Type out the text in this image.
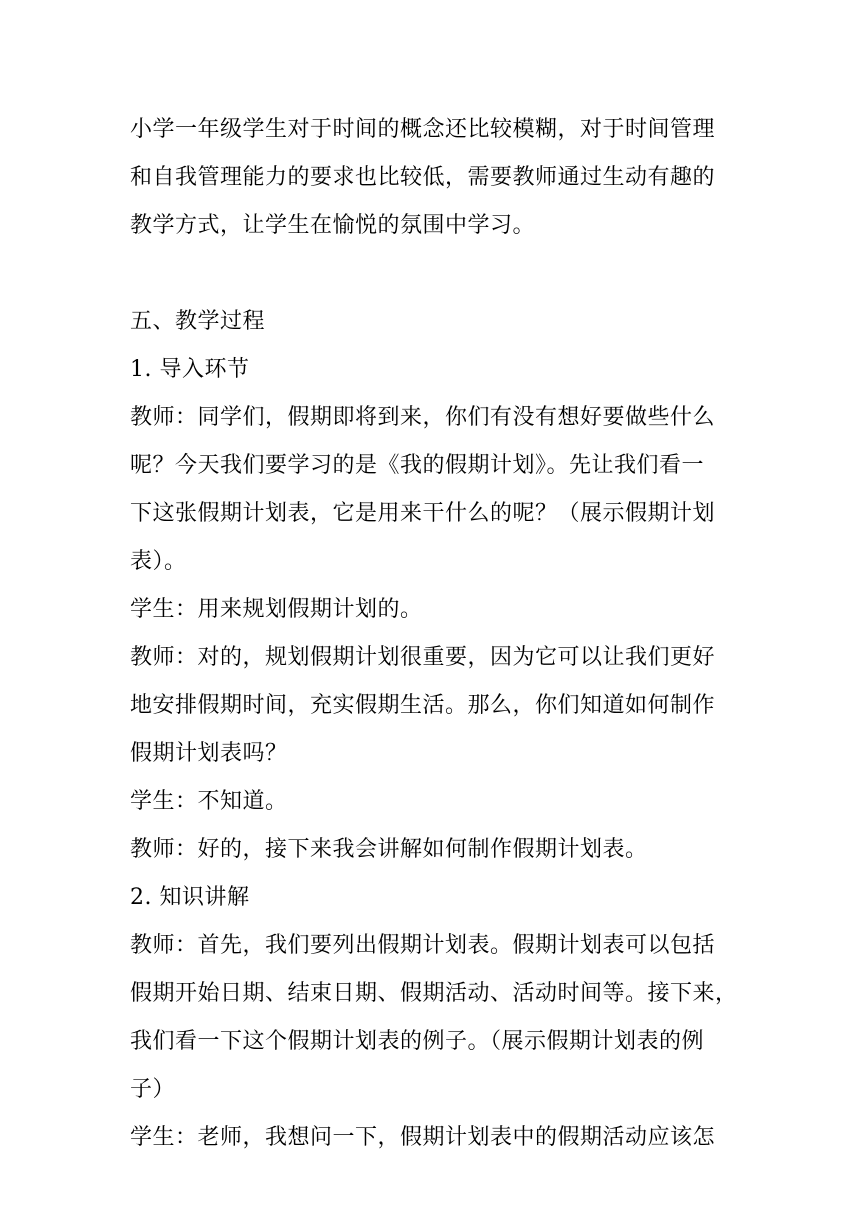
小学一年级学生对于时间的概念还比较模糊，对于时间管理
和自我管理能力的要求也比较低，需要教师通过生动有趣的
教学方式，让学生在愉悦的氛围中学习。
五、教学过程
1. 导入环节
教师：同学们，假期即将到来，你们有没有想好要做些什么
呢？今天我们要学习的是《我的假期计划》。先让我们看一
下这张假期计划表，它是用来干什么的呢？（展示假期计划
表）。
学生：用来规划假期计划的。
教师：对的，规划假期计划很重要，因为它可以让我们更好
地安排假期时间，充实假期生活。那么，你们知道如何制作
假期计划表吗？
学生：不知道。
教师：好的，接下来我会讲解如何制作假期计划表。
2. 知识讲解
教师：首先，我们要列出假期计划表。假期计划表可以包括
假期开始日期、结束日期、假期活动、活动时间等。接下来，
我们看一下这个假期计划表的例子。（展示假期计划表的例
子）
学生：老师，我想问一下，假期计划表中的假期活动应该怎
